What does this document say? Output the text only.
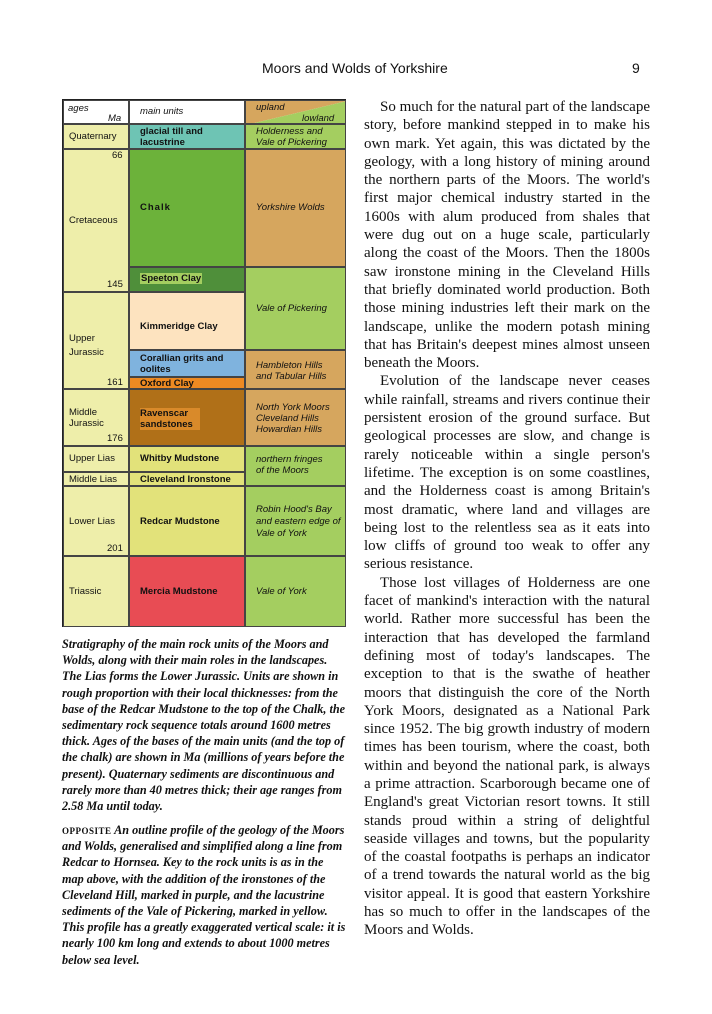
Moors and Wolds of Yorkshire	9
ages
Ma
main units	upland
lowland
Quaternary
Cretaceous
Upper Jurassic
Middle Jurassic
Upper Lias
Middle Lias
Lower Lias
Triassic
66
145
161
176
201
glacial till and lacustrine
Chalk
Speeton Clay
Kimmeridge Clay
Corallian grits and oolites
Oxford Clay
Ravenscar sandstones
Whitby Mudstone
Cleveland Ironstone
Redcar Mudstone
Mercia Mudstone
Holderness and Vale of Pickering
Yorkshire Wolds
Vale of Pickering
Hambleton Hills and Tabular Hills
North York Moors Cleveland Hills Howardian Hills
northern fringes of the Moors
Robin Hood's Bay and eastern edge of Vale of York
Vale of York
Stratigraphy of the main rock units of the Moors and Wolds, along with their main roles in the landscapes. The Lias forms the Lower Jurassic. Units are shown in rough proportion with their local thicknesses: from the base of the Redcar Mudstone to the top of the Chalk, the sedimentary rock sequence totals around 1600 metres thick. Ages of the bases of the main units (and the top of the chalk) are shown in Ma (millions of years before the present). Quaternary sediments are discontinuous and rarely more than 40 metres thick; their age ranges from 2.58 Ma until today.
opposite An outline profile of the geology of the Moors and Wolds, generalised and simplified along a line from Redcar to Hornsea. Key to the rock units is as in the map above, with the addition of the ironstones of the Cleveland Hill, marked in purple, and the lacustrine sediments of the Vale of Pickering, marked in yellow. This profile has a greatly exaggerated vertical scale: it is nearly 100 km long and extends to about 1000 metres below sea level.

So much for the natural part of the landscape story, before mankind stepped in to make his own mark. Yet again, this was dictated by the geology, with a long history of mining around the northern parts of the Moors. The world's first major chemical industry started in the 1600s with alum produced from shales that were dug out on a huge scale, particularly along the coast of the Moors. Then the 1800s saw ironstone mining in the Cleveland Hills that briefly dominated world production. Both those mining industries left their mark on the landscape, unlike the modern potash mining that has Britain's deepest mines almost unseen beneath the Moors.

Evolution of the landscape never ceases while rainfall, streams and rivers continue their persistent erosion of the ground surface. But geological processes are slow, and change is rarely noticeable within a single person's lifetime. The exception is on some coastlines, and the Holderness coast is among Britain's most dramatic, where land and villages are being lost to the relentless sea as it eats into low cliffs of ground too weak to offer any serious resistance.

Those lost villages of Holderness are one facet of mankind's interaction with the natural world. Rather more successful has been the interaction that has developed the farmland defining most of today's landscapes. The exception to that is the swathe of heather moors that distinguish the core of the North York Moors, designated as a National Park since 1952. The big growth industry of modern times has been tourism, where the coast, both within and beyond the national park, is always a prime attraction. Scarborough became one of England's great Victorian resort towns. It still stands proud within a string of delightful seaside villages and towns, but the popularity of the coastal footpaths is perhaps an indicator of a trend towards the natural world as the big visitor appeal. It is good that eastern Yorkshire has so much to offer in the landscapes of the Moors and Wolds.
